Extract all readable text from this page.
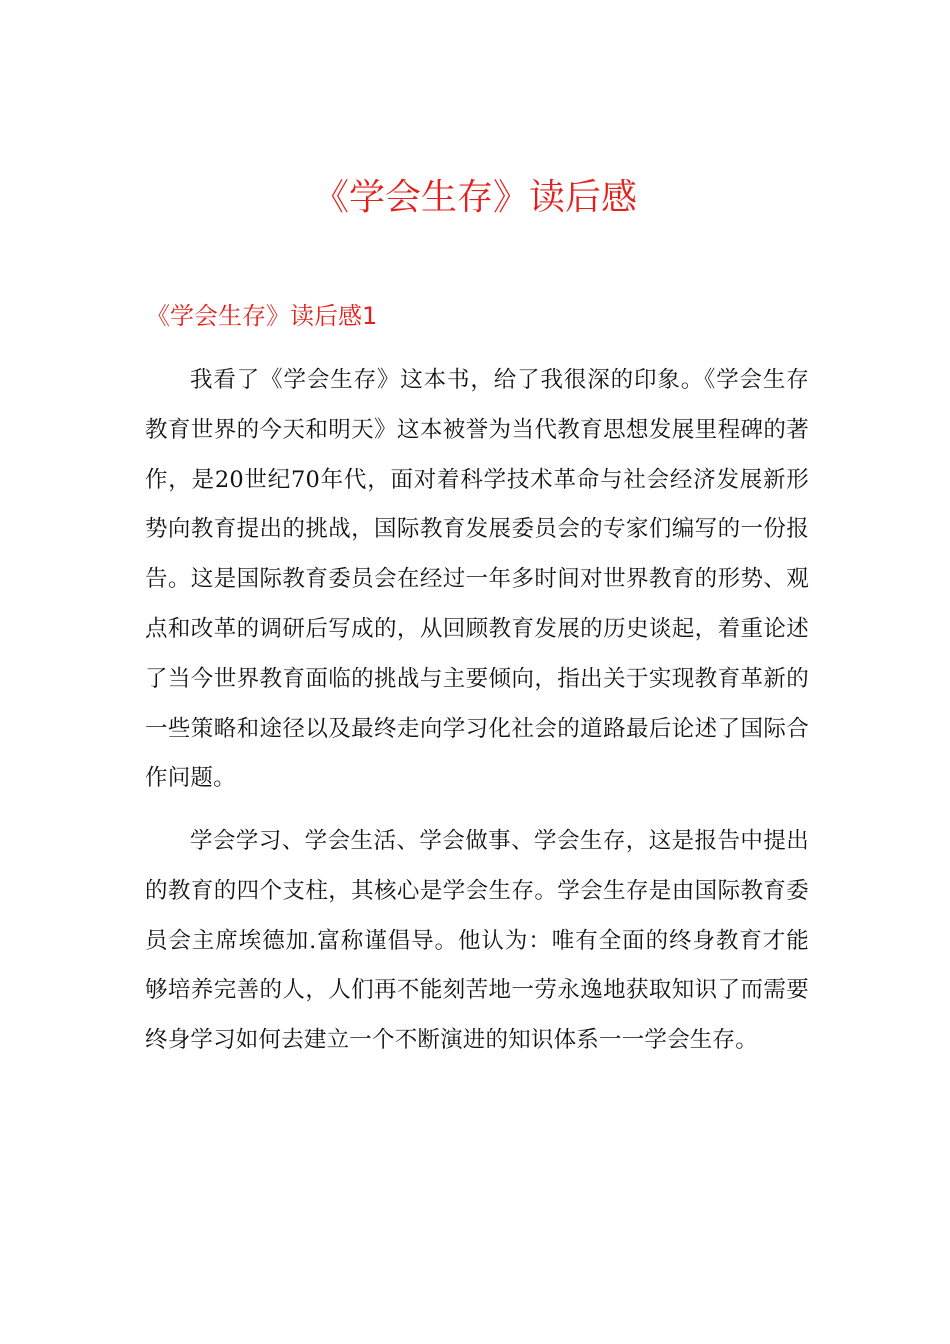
《学会生存》读后感
《学会生存》读后感1

我看了《学会生存》这本书，给了我很深的印象。《学会生存教育世界的今天和明天》这本被誉为当代教育思想发展里程碑的著作，是20世纪70年代，面对着科学技术革命与社会经济发展新形势向教育提出的挑战，国际教育发展委员会的专家们编写的一份报告。这是国际教育委员会在经过一年多时间对世界教育的形势、观点和改革的调研后写成的，从回顾教育发展的历史谈起，着重论述了当今世界教育面临的挑战与主要倾向，指出关于实现教育革新的一些策略和途径以及最终走向学习化社会的道路最后论述了国际合作问题。

学会学习、学会生活、学会做事、学会生存，这是报告中提出的教育的四个支柱，其核心是学会生存。学会生存是由国际教育委员会主席埃德加.富称谨倡导。他认为：唯有全面的终身教育才能够培养完善的人，人们再不能刻苦地一劳永逸地获取知识了而需要终身学习如何去建立一个不断演进的知识体系一一学会生存。
